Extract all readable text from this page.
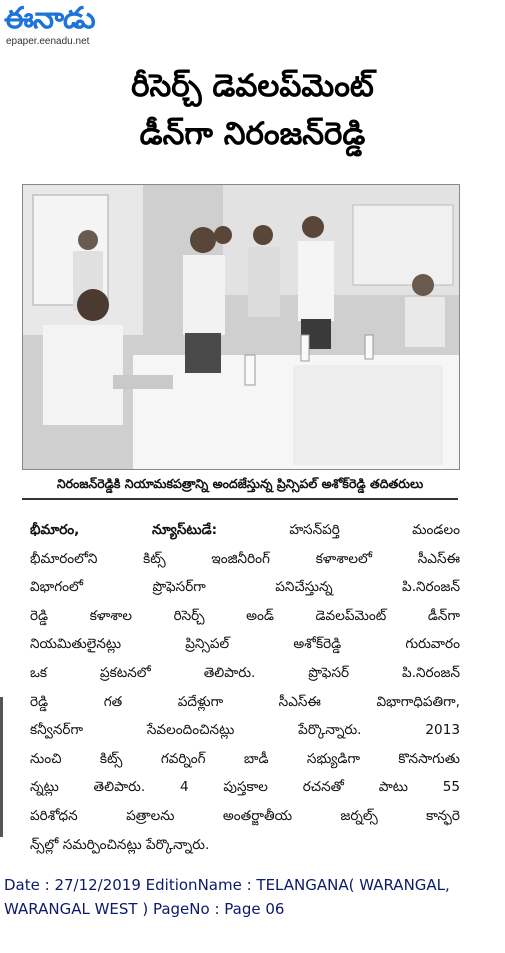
ఈనాడు
epaper.eenadu.net
రీసెర్చ్‌ డెవలప్‌మెంట్‌
డీన్‌గా నిరంజన్‌రెడ్డి
నిరంజన్‌రెడ్డికి నియామకపత్రాన్ని అందజేస్తున్న ప్రిన్సిపల్‌ అశోక్‌రెడ్డి తదితరులు
భీమారం, న్యూస్‌టుడే: హసన్‌పర్తి మండలం
భీమారంలోని కిట్స్‌ ఇంజినీరింగ్‌ కళాశాలలో సీఎస్‌ఈ
విభాగంలో ప్రొఫెసర్‌గా పనిచేస్తున్న పి.నిరంజన్‌
రెడ్డి కళాశాల రిసెర్చ్‌ అండ్‌ డెవలప్‌మెంట్‌ డీన్‌గా
నియమితులైనట్లు ప్రిన్సిపల్‌ అశోక్‌రెడ్డి గురువారం
ఒక ప్రకటనలో తెలిపారు. ప్రొఫెసర్‌ పి.నిరంజన్‌
రెడ్డి గత పదేళ్లుగా సీఎస్‌ఈ విభాగాధిపతిగా,
కన్వీనర్‌గా సేవలందించినట్లు పేర్కొన్నారు. 2013
నుంచి కిట్స్‌ గవర్నింగ్‌ బాడీ సభ్యుడిగా కొనసాగుతు
న్నట్లు తెలిపారు. 4 పుస్తకాల రచనతో పాటు 55
పరిశోధన పత్రాలను అంతర్జాతీయ జర్నల్స్‌ కాన్ఫరె
న్స్‌ల్లో సమర్పించినట్లు పేర్కొన్నారు.
Date : 27/12/2019 EditionName : TELANGANA( WARANGAL,
WARANGAL WEST ) PageNo : Page 06
